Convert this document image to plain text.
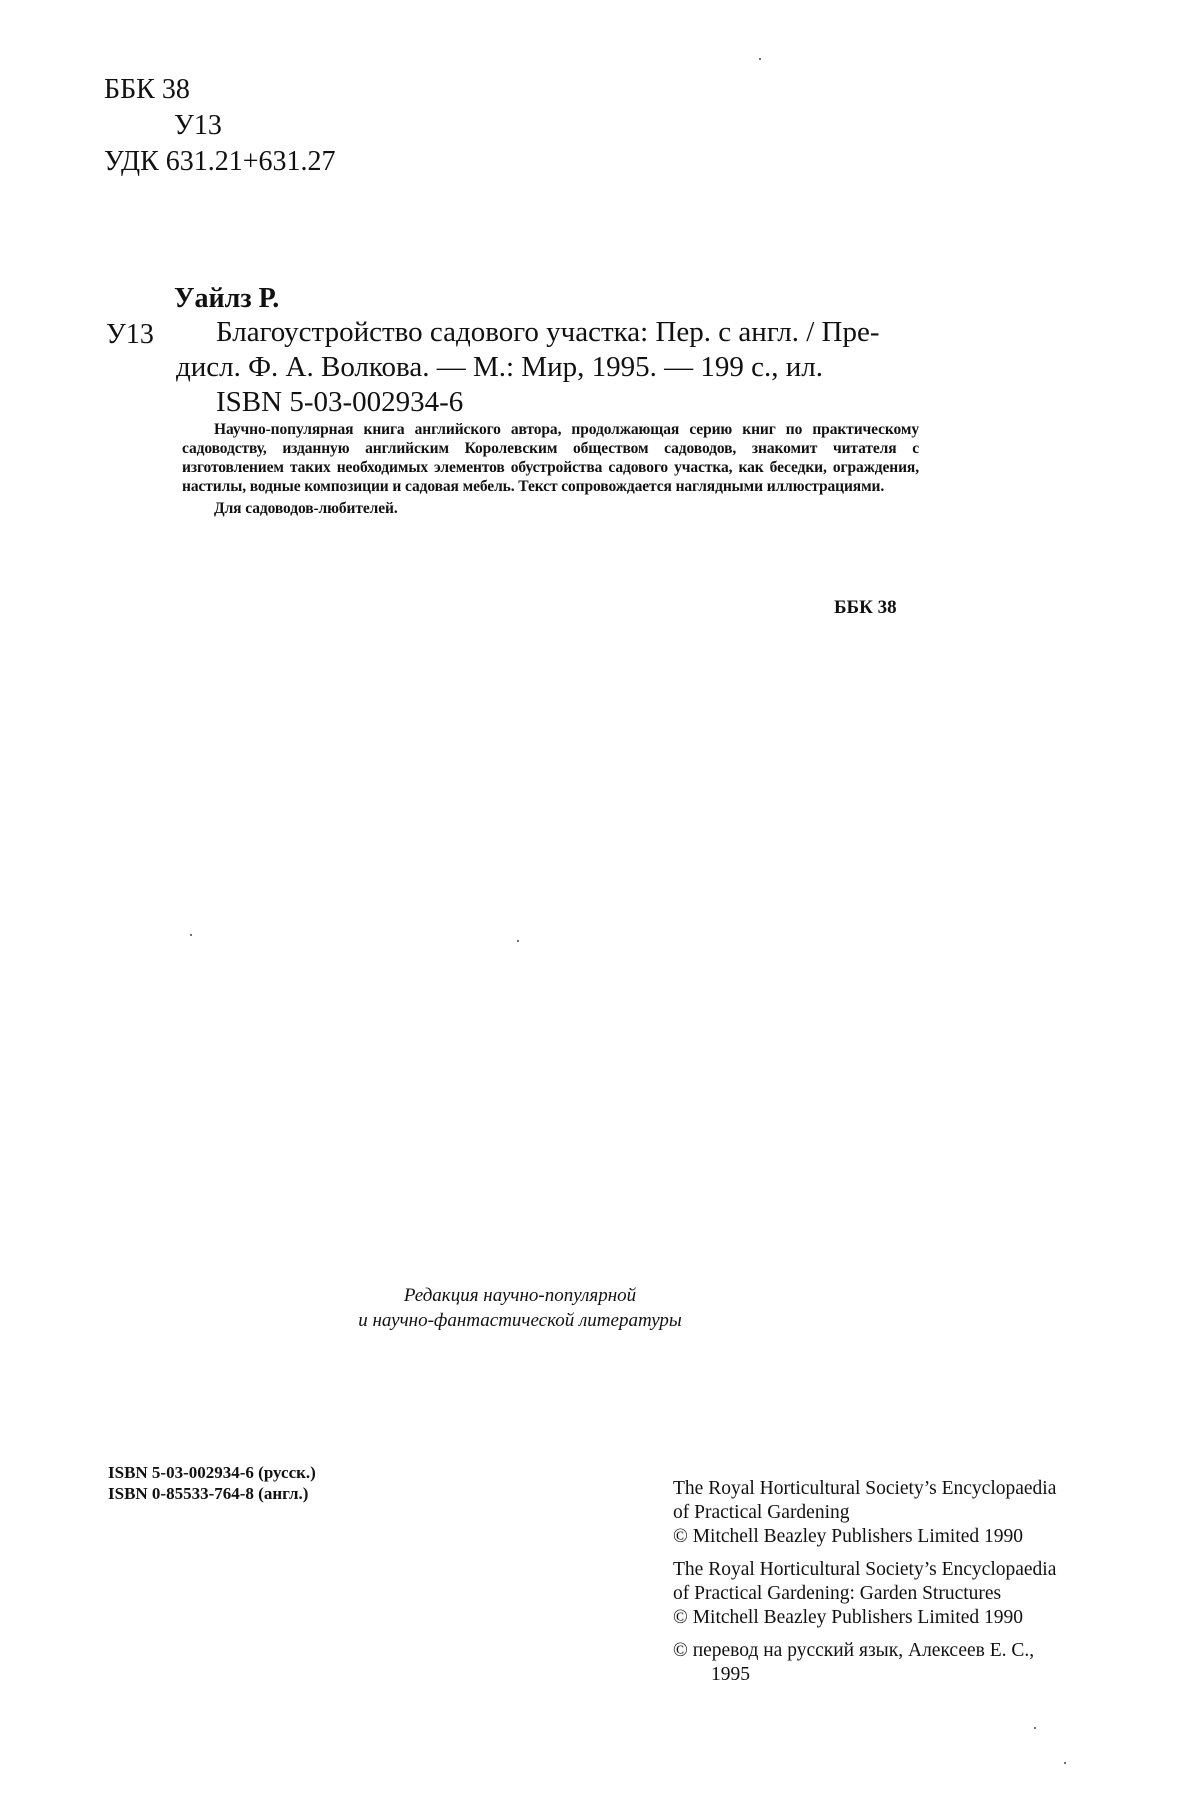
ББК 38
У13
УДК 631.21+631.27
Уайлз Р.
У13 Благоустройство садового участка: Пер. с англ. / Пре-
дисл. Ф. А. Волкова. — М.: Мир, 1995. — 199 с., ил.
ISBN 5-03-002934-6

Научно-популярная книга английского автора, продолжающая серию книг по практическому садоводству, изданную английским Королевским обществом садоводов, знакомит читателя с изготовлением таких необходимых элементов обустройства садового участка, как беседки, ограждения, настилы, водные композиции и садовая мебель. Текст сопровождается наглядными иллюстрациями.

Для садоводов-любителей.

ББК 38
Редакция научно-популярной
и научно-фантастической литературы
ISBN 5-03-002934-6 (русск.)
ISBN 0-85533-764-8 (англ.)	The Royal Horticultural Society’s Encyclopaedia
of Practical Gardening
© Mitchell Beazley Publishers Limited 1990
The Royal Horticultural Society’s Encyclopaedia
of Practical Gardening: Garden Structures
© Mitchell Beazley Publishers Limited 1990
© перевод на русский язык, Алексеев Е. С.,
1995
